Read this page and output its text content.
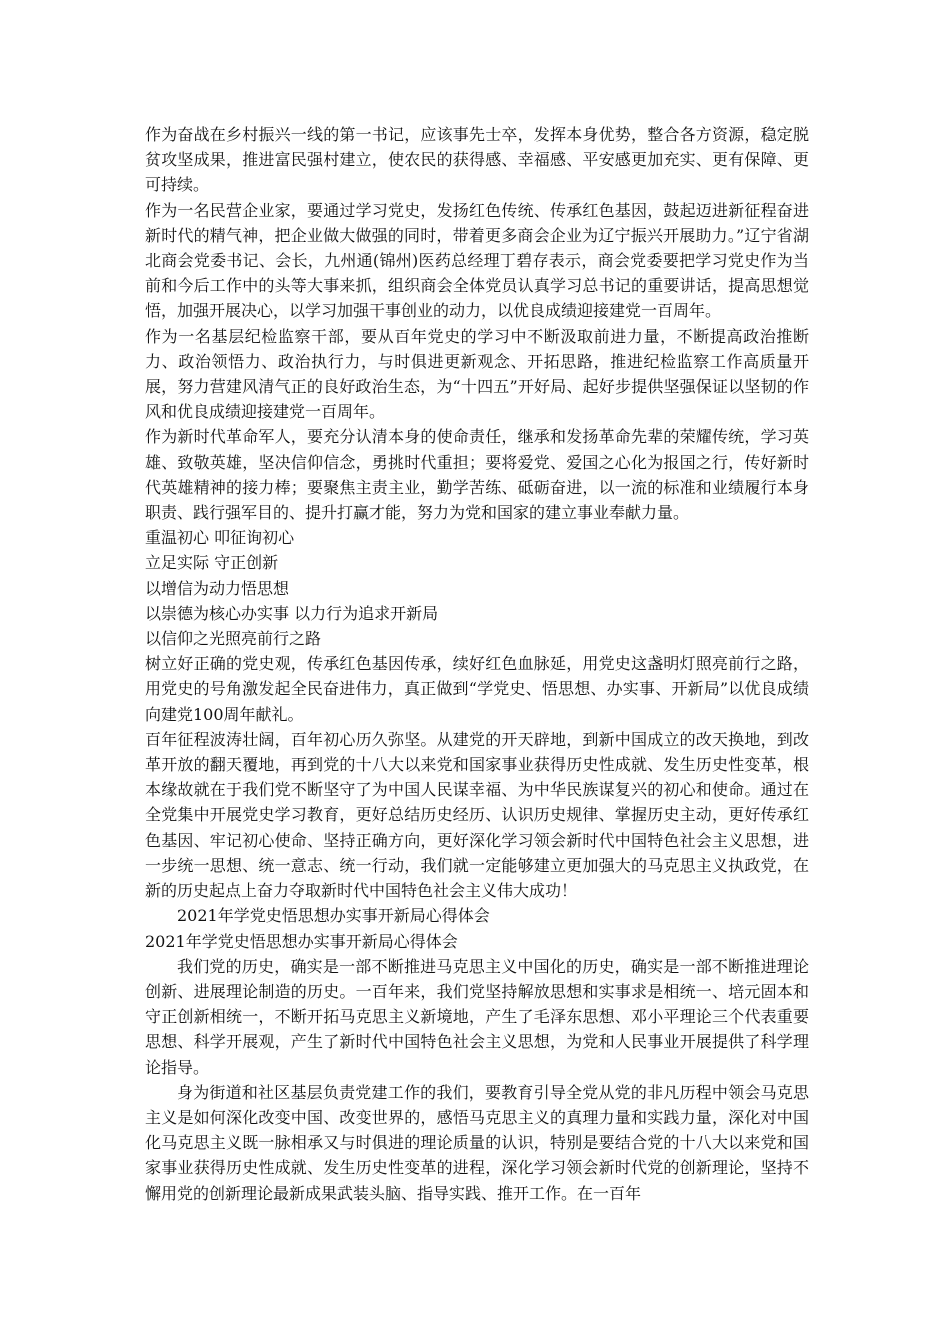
作为奋战在乡村振兴一线的第一书记，应该事先士卒，发挥本身优势，整合各方资源，稳定脱贫攻坚成果，推进富民强村建立，使农民的获得感、幸福感、平安感更加充实、更有保障、更可持续。

作为一名民营企业家，要通过学习党史，发扬红色传统、传承红色基因，鼓起迈进新征程奋进新时代的精气神，把企业做大做强的同时，带着更多商会企业为辽宁振兴开展助力。”辽宁省湖北商会党委书记、会长，九州通(锦州)医药总经理丁碧存表示，商会党委要把学习党史作为当前和今后工作中的头等大事来抓，组织商会全体党员认真学习总书记的重要讲话，提高思想觉悟，加强开展决心，以学习加强干事创业的动力，以优良成绩迎接建党一百周年。

作为一名基层纪检监察干部，要从百年党史的学习中不断汲取前进力量，不断提高政治推断力、政治领悟力、政治执行力，与时俱进更新观念、开拓思路，推进纪检监察工作高质量开展，努力营建风清气正的良好政治生态，为“十四五”开好局、起好步提供坚强保证以坚韧的作风和优良成绩迎接建党一百周年。

作为新时代革命军人，要充分认清本身的使命责任，继承和发扬革命先辈的荣耀传统，学习英雄、致敬英雄，坚决信仰信念，勇挑时代重担；要将爱党、爱国之心化为报国之行，传好新时代英雄精神的接力棒；要聚焦主责主业，勤学苦练、砥砺奋进，以一流的标准和业绩履行本身职责、践行强军目的、提升打赢才能，努力为党和国家的建立事业奉献力量。

重温初心 叩征询初心

立足实际 守正创新

以增信为动力悟思想

以崇德为核心办实事 以力行为追求开新局

以信仰之光照亮前行之路

树立好正确的党史观，传承红色基因传承，续好红色血脉延，用党史这盏明灯照亮前行之路，用党史的号角激发起全民奋进伟力，真正做到“学党史、悟思想、办实事、开新局”以优良成绩向建党100周年献礼。

百年征程波涛壮阔，百年初心历久弥坚。从建党的开天辟地，到新中国成立的改天换地，到改革开放的翻天覆地，再到党的十八大以来党和国家事业获得历史性成就、发生历史性变革，根本缘故就在于我们党不断坚守了为中国人民谋幸福、为中华民族谋复兴的初心和使命。通过在全党集中开展党史学习教育，更好总结历史经历、认识历史规律、掌握历史主动，更好传承红色基因、牢记初心使命、坚持正确方向，更好深化学习领会新时代中国特色社会主义思想，进一步统一思想、统一意志、统一行动，我们就一定能够建立更加强大的马克思主义执政党，在新的历史起点上奋力夺取新时代中国特色社会主义伟大成功！

2021年学党史悟思想办实事开新局心得体会

2021年学党史悟思想办实事开新局心得体会

我们党的历史，确实是一部不断推进马克思主义中国化的历史，确实是一部不断推进理论创新、进展理论制造的历史。一百年来，我们党坚持解放思想和实事求是相统一、培元固本和守正创新相统一，不断开拓马克思主义新境地，产生了毛泽东思想、邓小平理论三个代表重要思想、科学开展观，产生了新时代中国特色社会主义思想，为党和人民事业开展提供了科学理论指导。

身为街道和社区基层负责党建工作的我们，要教育引导全党从党的非凡历程中领会马克思主义是如何深化改变中国、改变世界的，感悟马克思主义的真理力量和实践力量，深化对中国化马克思主义既一脉相承又与时俱进的理论质量的认识，特别是要结合党的十八大以来党和国家事业获得历史性成就、发生历史性变革的进程，深化学习领会新时代党的创新理论，坚持不懈用党的创新理论最新成果武装头脑、指导实践、推开工作。在一百年
